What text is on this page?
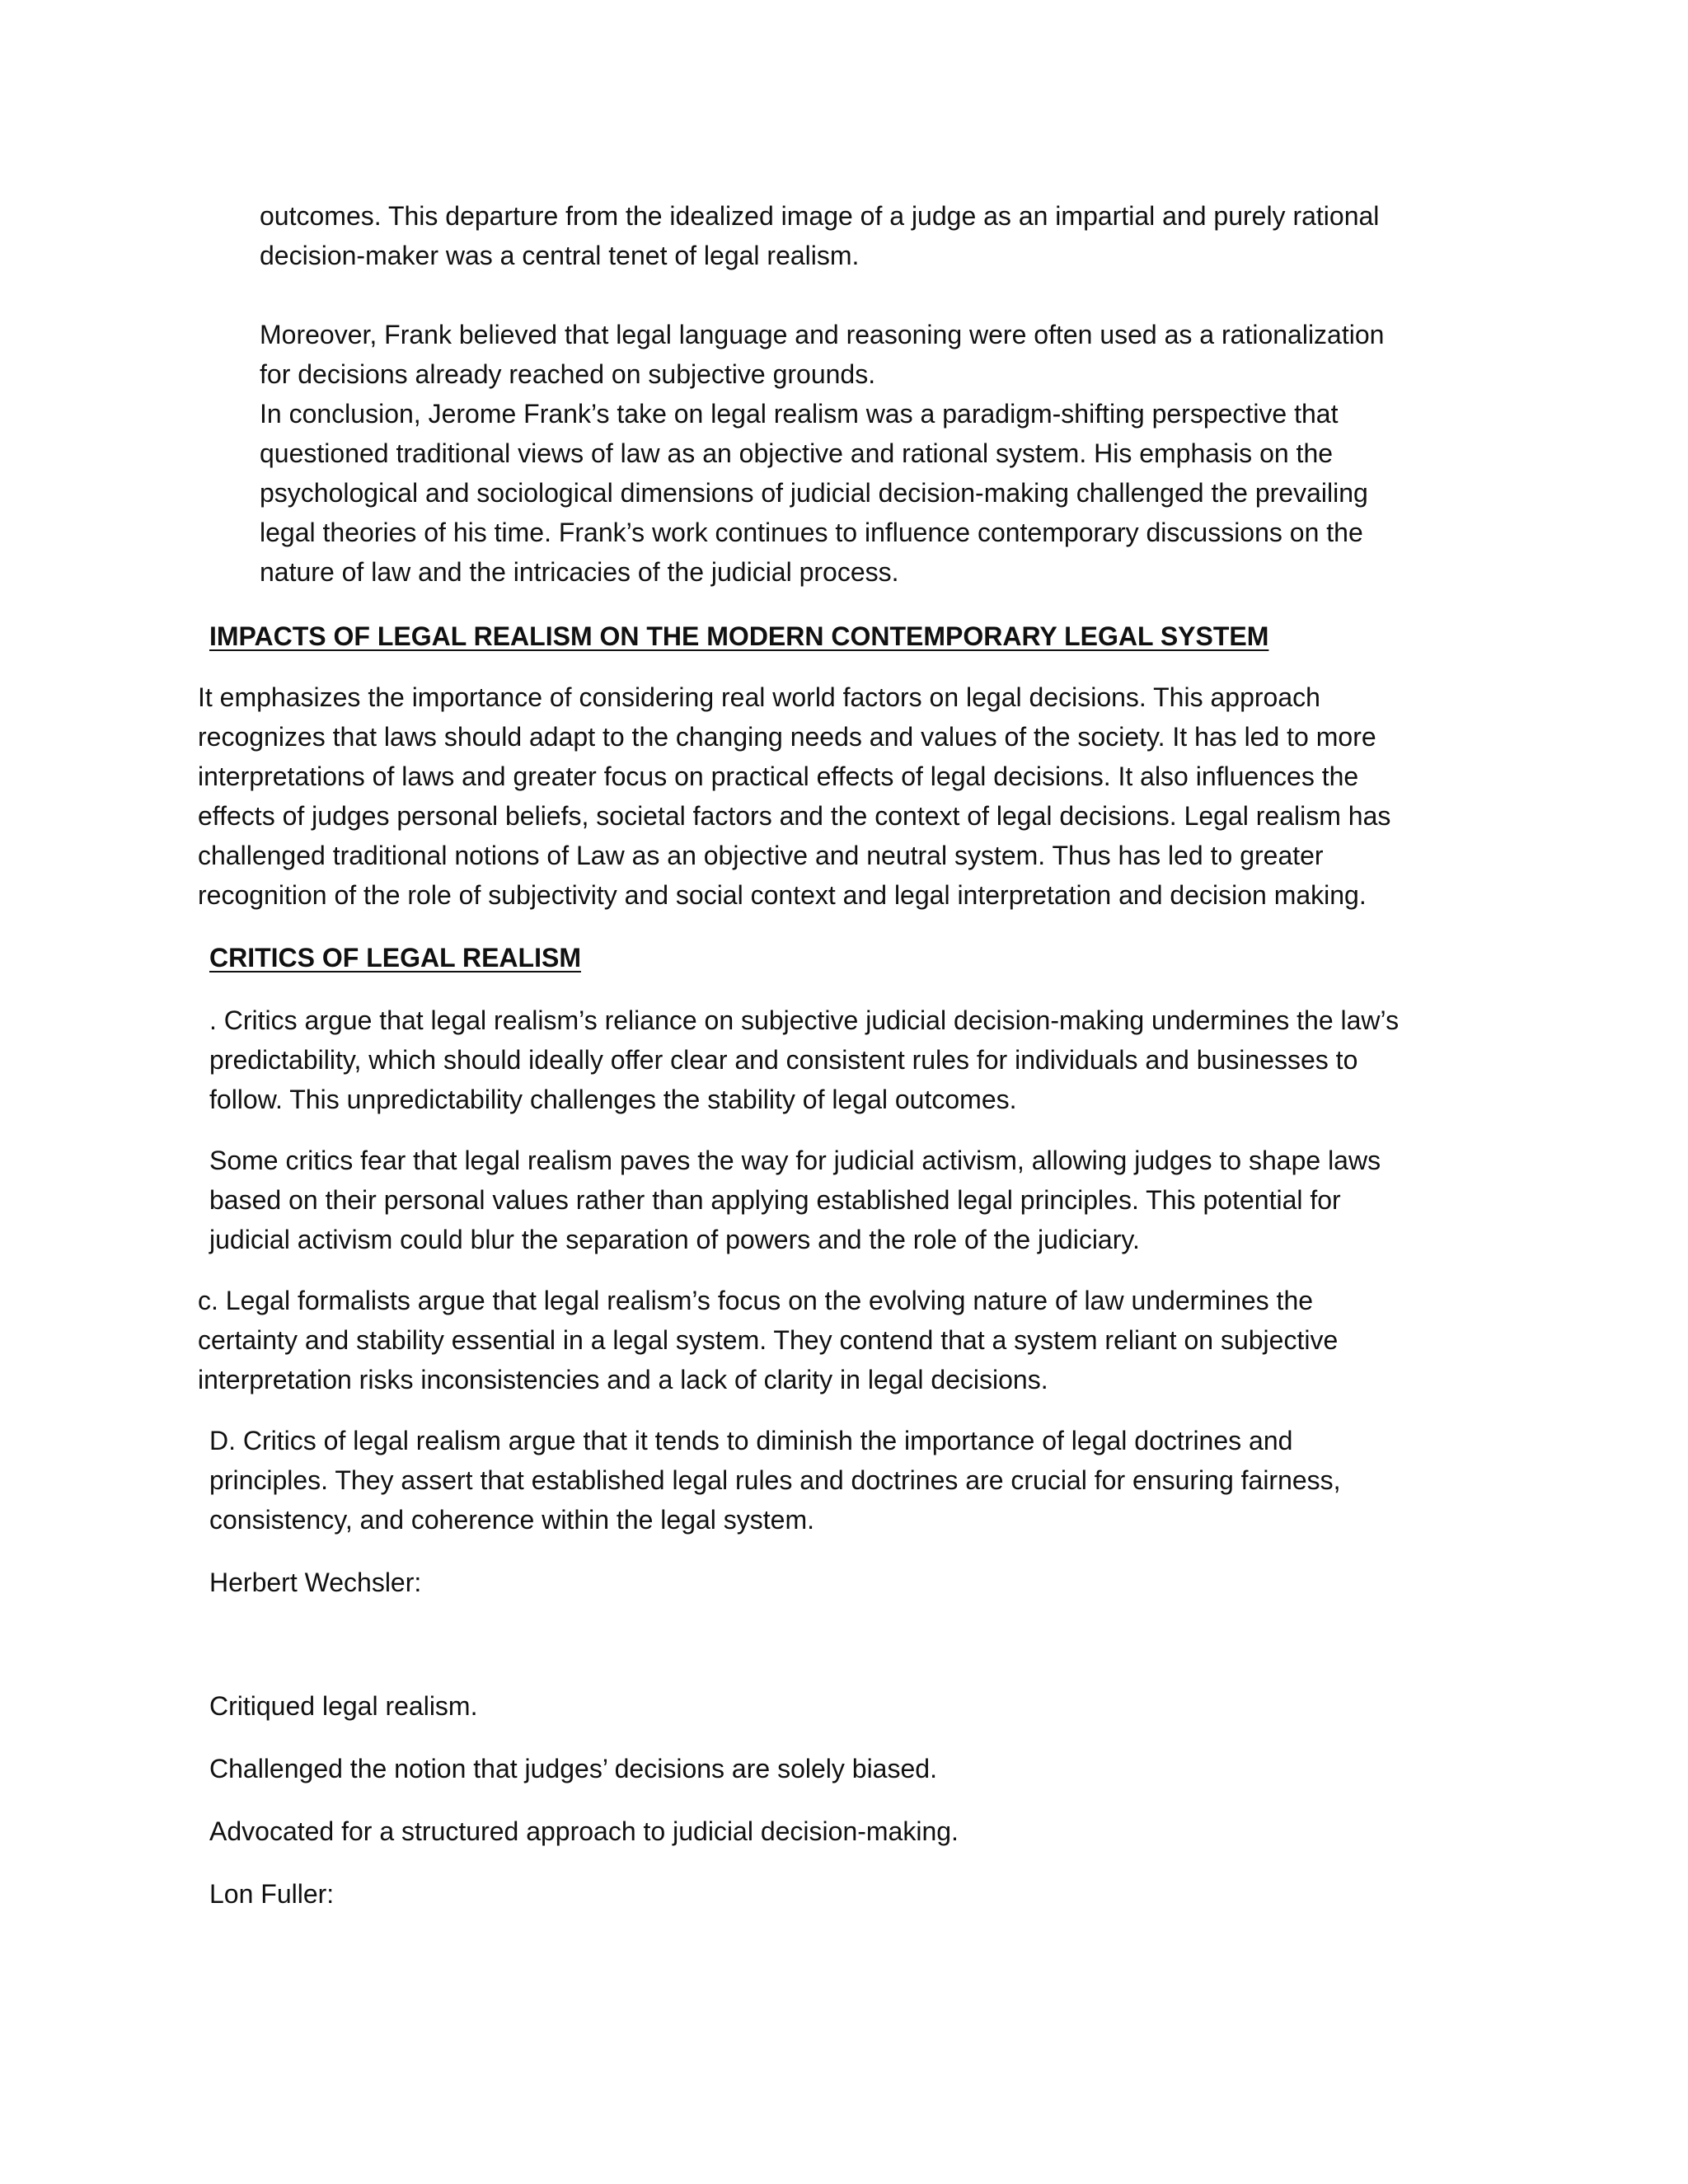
outcomes. This departure from the idealized image of a judge as an impartial and purely rational
decision-maker was a central tenet of legal realism.
Moreover, Frank believed that legal language and reasoning were often used as a rationalization
for decisions already reached on subjective grounds.
In conclusion, Jerome Frank’s take on legal realism was a paradigm-shifting perspective that
questioned traditional views of law as an objective and rational system. His emphasis on the
psychological and sociological dimensions of judicial decision-making challenged the prevailing
legal theories of his time. Frank’s work continues to influence contemporary discussions on the
nature of law and the intricacies of the judicial process.
IMPACTS OF LEGAL REALISM ON THE MODERN CONTEMPORARY LEGAL SYSTEM
It emphasizes the importance of considering real world factors on legal decisions. This approach
recognizes that laws should adapt to the changing needs and values of the society. It has led to more
interpretations of laws and greater focus on practical effects of legal decisions. It also influences the
effects of judges personal beliefs, societal factors and the context of legal decisions. Legal realism has
challenged traditional notions of Law as an objective and neutral system. Thus has led to greater
recognition of the role of subjectivity and social context and legal interpretation and decision making.
CRITICS OF LEGAL REALISM
. Critics argue that legal realism’s reliance on subjective judicial decision-making undermines the law’s
predictability, which should ideally offer clear and consistent rules for individuals and businesses to
follow. This unpredictability challenges the stability of legal outcomes.
Some critics fear that legal realism paves the way for judicial activism, allowing judges to shape laws
based on their personal values rather than applying established legal principles. This potential for
judicial activism could blur the separation of powers and the role of the judiciary.
c. Legal formalists argue that legal realism’s focus on the evolving nature of law undermines the
certainty and stability essential in a legal system. They contend that a system reliant on subjective
interpretation risks inconsistencies and a lack of clarity in legal decisions.
D. Critics of legal realism argue that it tends to diminish the importance of legal doctrines and
principles. They assert that established legal rules and doctrines are crucial for ensuring fairness,
consistency, and coherence within the legal system.
Herbert Wechsler:
Critiqued legal realism.
Challenged the notion that judges’ decisions are solely biased.
Advocated for a structured approach to judicial decision-making.
Lon Fuller:
